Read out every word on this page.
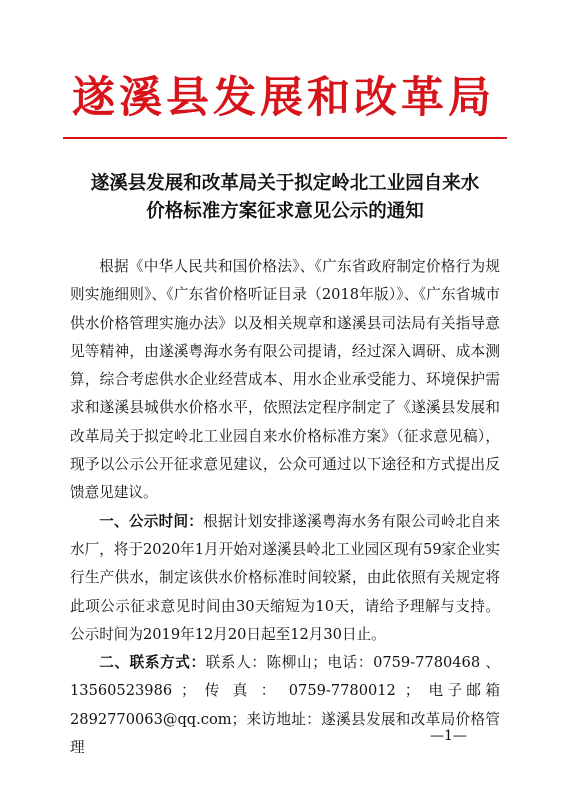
遂溪县发展和改革局
遂溪县发展和改革局关于拟定岭北工业园自来水
价格标准方案征求意见公示的通知

根据《中华人民共和国价格法》、《广东省政府制定价格行为规则实施细则》、《广东省价格听证目录（2018年版）》、《广东省城市供水价格管理实施办法》以及相关规章和遂溪县司法局有关指导意见等精神，由遂溪粤海水务有限公司提请，经过深入调研、成本测算，综合考虑供水企业经营成本、用水企业承受能力、环境保护需求和遂溪县城供水价格水平，依照法定程序制定了《遂溪县发展和改革局关于拟定岭北工业园自来水价格标准方案》（征求意见稿），现予以公示公开征求意见建议，公众可通过以下途径和方式提出反馈意见建议。

一、公示时间：根据计划安排遂溪粤海水务有限公司岭北自来水厂，将于2020年1月开始对遂溪县岭北工业园区现有59家企业实行生产供水，制定该供水价格标准时间较紧，由此依照有关规定将此项公示征求意见时间由30天缩短为10天，请给予理解与支持。公示时间为2019年12月20日起至12月30日止。

二、联系方式：联系人：陈柳山；电话：0759-7780468 、13560523986 ； 传 真 ： 0759-7780012 ； 电子邮箱2892770063@qq.com；来访地址：遂溪县发展和改革局价格管理

—1—
